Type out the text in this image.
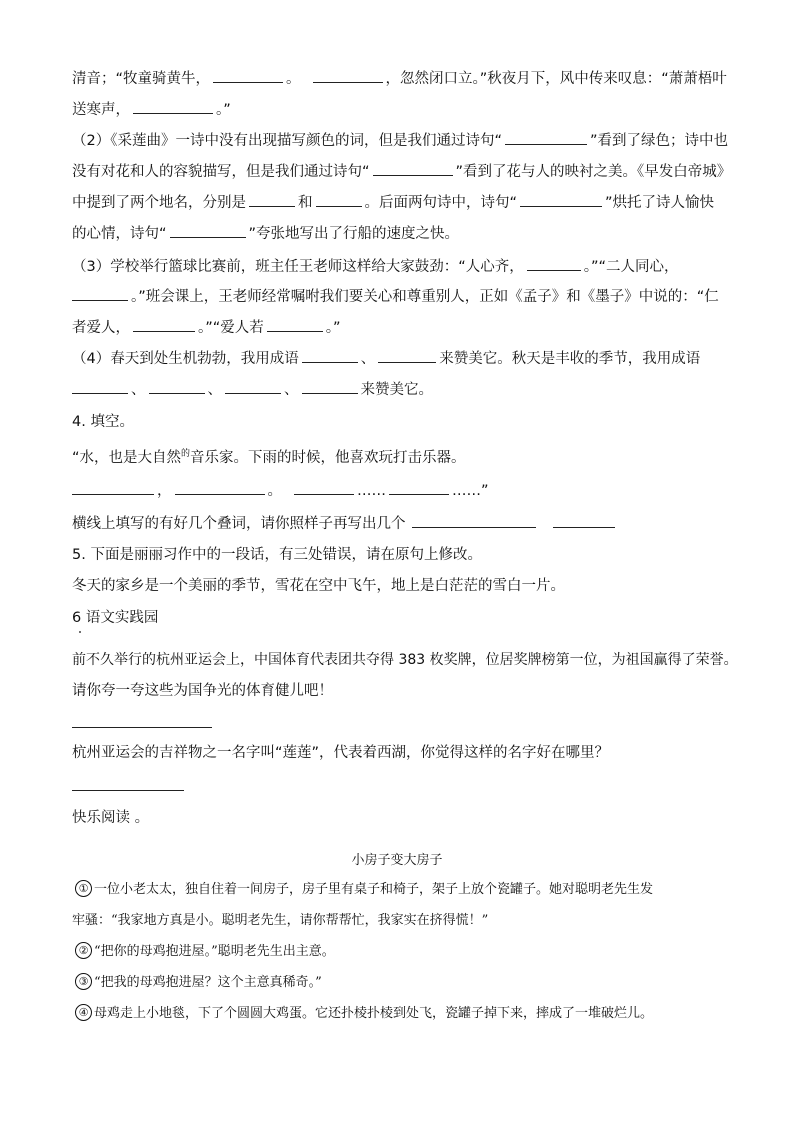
清音；“牧童骑黄牛，	。	，忽然闭口立。”秋夜月下，风中传来叹息：“萧萧梧叶
送寒声，	。”
（2）《采莲曲》一诗中没有出现描写颜色的词，但是我们通过诗句“	”看到了绿色；诗中也
没有对花和人的容貌描写，但是我们通过诗句“	”看到了花与人的映衬之美。《早发白帝城》
中提到了两个地名，分别是	和	。后面两句诗中，诗句“	”烘托了诗人愉快
的心情，诗句“	”夸张地写出了行船的速度之快。
（3）学校举行篮球比赛前，班主任王老师这样给大家鼓劲：“人心齐，	。”“二人同心，
。”班会课上，王老师经常嘱咐我们要关心和尊重别人，正如《孟子》和《墨子》中说的：“仁
者爱人，	。”“爱人若	。”
（4）春天到处生机勃勃，我用成语	、	来赞美它。秋天是丰收的季节，我用成语
、	、	、	来赞美它。
4. 填空。
“水，也是大自然$^的$音乐家。下雨的时候，他喜欢玩打击乐器。
，	。	……	……”
横线上填写的有好几个叠词，请你照样子再写出几个
5. 下面是丽丽习作中的一段话，有三处错误，请在原句上修改。
冬天的家乡是一个美丽的季节，雪花在空中飞午，地上是白茫茫的雪白一片。
6 语文实践园
前不久举行的杭州亚运会上，中国体育代表团共夺得 383 枚奖牌，位居奖牌榜第一位，为祖国赢得了荣誉。
请你夸一夸这些为国争光的体育健儿吧！
杭州亚运会的吉祥物之一名字叫“莲莲”，代表着西湖，你觉得这样的名字好在哪里？
快乐阅读 。
小房子变大房子
① 一位小老太太，独自住着一间房子，房子里有桌子和椅子，架子上放个瓷罐子。她对聪明老先生发
牢骚：“我家地方真是小。聪明老先生，请你帮帮忙，我家实在挤得慌！”
② “把你的母鸡抱进屋。”聪明老先生出主意。
③ “把我的母鸡抱进屋？这个主意真稀奇。”
④ 母鸡走上小地毯，下了个圆圆大鸡蛋。它还扑棱扑棱到处飞，瓷罐子掉下来，摔成了一堆破烂儿。
